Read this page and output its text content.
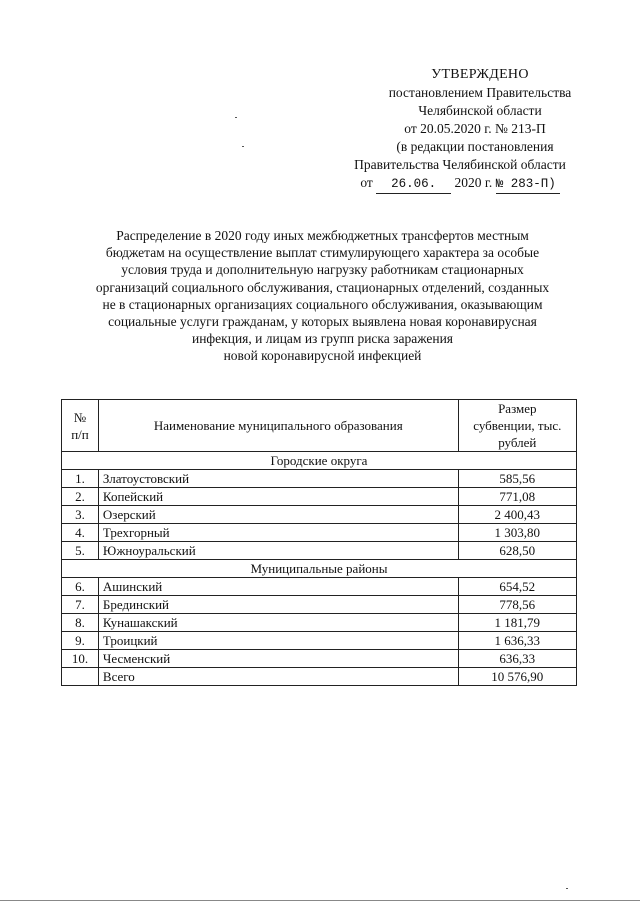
УТВЕРЖДЕНО
постановлением Правительства
Челябинской области
от 20.05.2020 г. № 213-П
(в редакции постановления
Правительства Челябинской области
от 26.06. 2020 г. № 283-П)
Распределение в 2020 году иных межбюджетных трансфертов местным
бюджетам на осуществление выплат стимулирующего характера за особые
условия труда и дополнительную нагрузку работникам стационарных
организаций социального обслуживания, стационарных отделений, созданных
не в стационарных организациях социального обслуживания, оказывающим
социальные услуги гражданам, у которых выявлена новая коронавирусная
инфекция, и лицам из групп риска заражения
новой коронавирусной инфекцией
№ п/п	Наименование муниципального образования	Размер субвенции, тыс. рублей
Городские округа		
1.	Златоустовский	585,56
2.	Копейский	771,08
3.	Озерский	2 400,43
4.	Трехгорный	1 303,80
5.	Южноуральский	628,50
Муниципальные районы		
6.	Ашинский	654,52
7.	Брединский	778,56
8.	Кунашакский	1 181,79
9.	Троицкий	1 636,33
10.	Чесменский	636,33
	Всего	10 576,90
